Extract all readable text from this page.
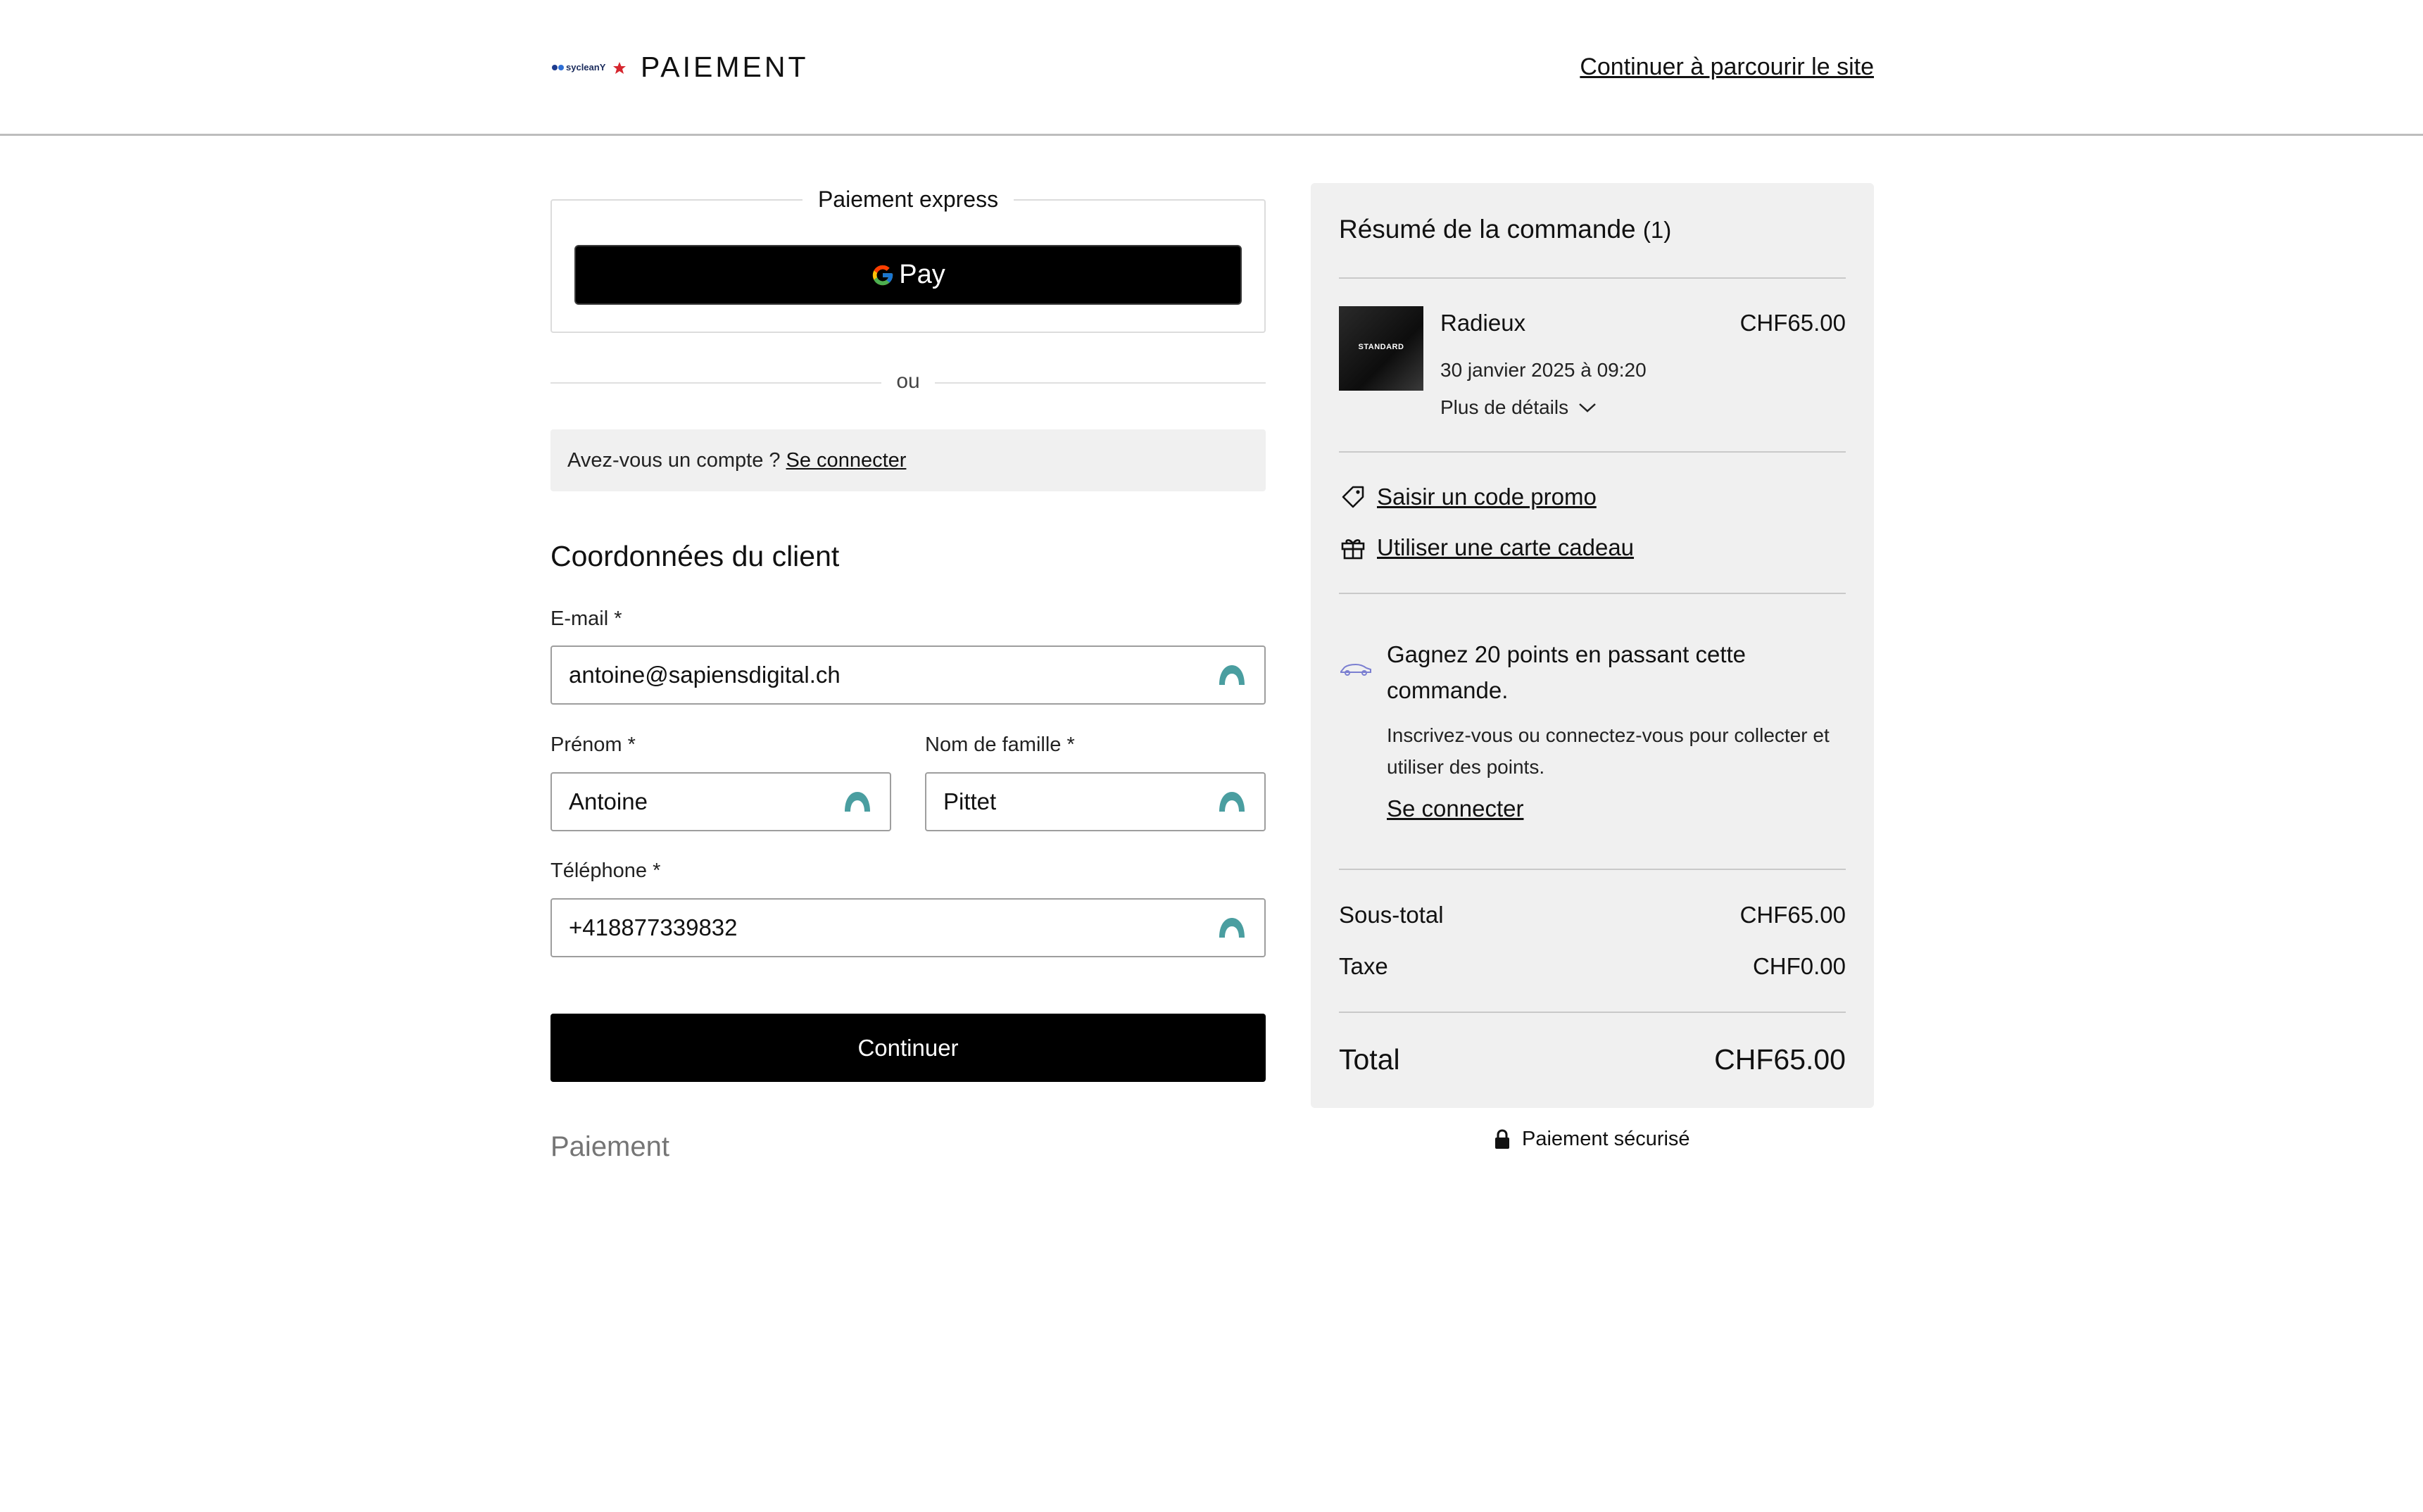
sycleanY PAIEMENT	Continuer à parcourir le site
Paiement express
Pay
ou
Avez-vous un compte ? Se connecter
Coordonnées du client
E-mail *
antoine@sapiensdigital.ch
Prénom *
Antoine	Nom de famille *
Pittet
Téléphone *
+418877339832
Continuer
Paiement
Résumé de la commande (1)
STANDARD
Radieux	CHF65.00
30 janvier 2025 à 09:20
Plus de détails
Saisir un code promo
Utiliser une carte cadeau
Gagnez 20 points en passant cette commande.
Inscrivez-vous ou connectez-vous pour collecter et utiliser des points.
Se connecter
Sous-total	CHF65.00
Taxe	CHF0.00
Total	CHF65.00
Paiement sécurisé
